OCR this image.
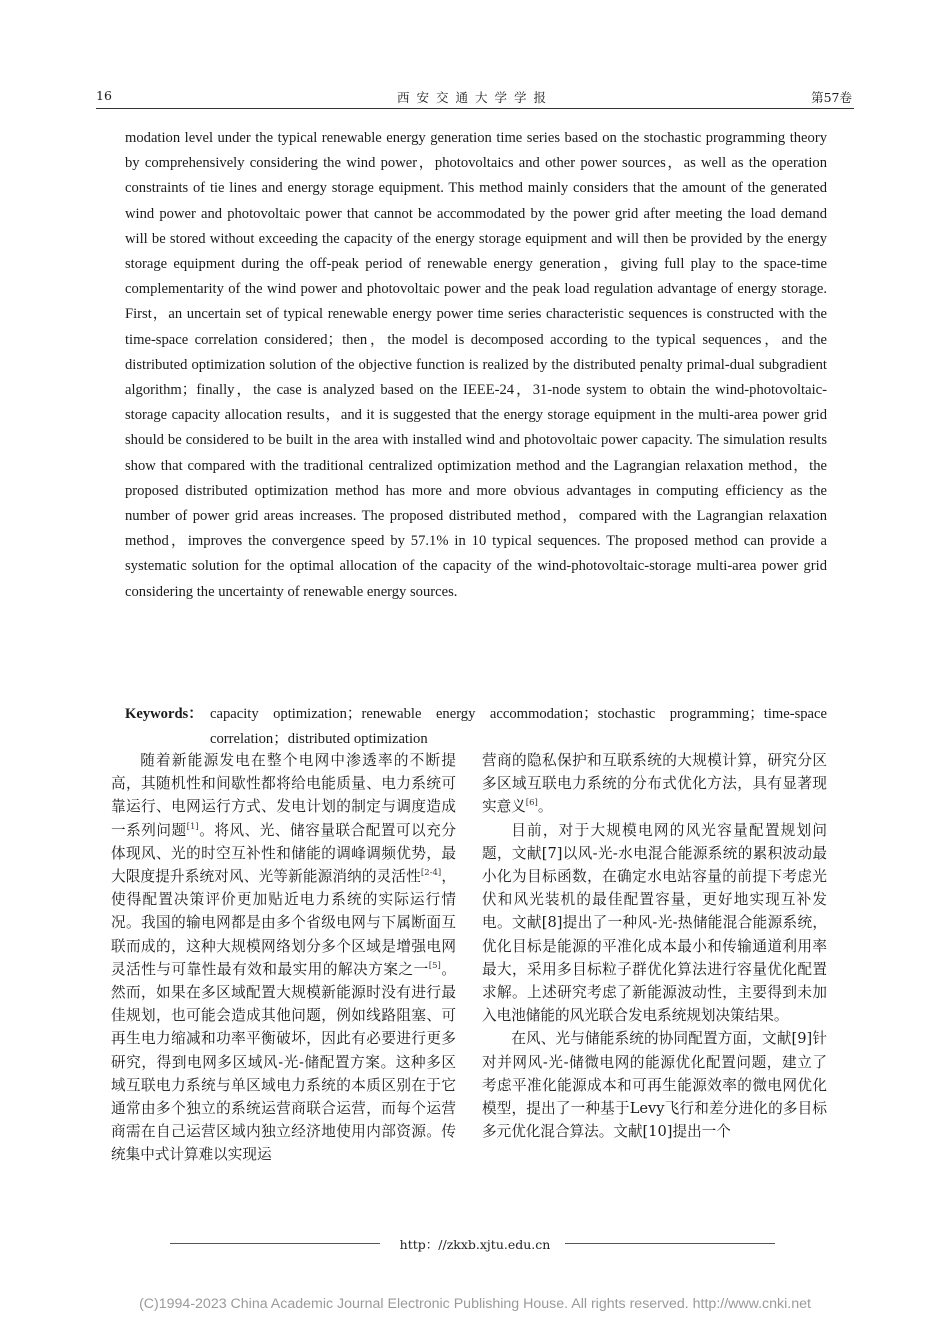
16	西安交通大学学报	第57卷

modation level under the typical renewable energy generation time series based on the stochastic programming theory by comprehensively considering the wind power，photovoltaics and other power sources，as well as the operation constraints of tie lines and energy storage equipment. This method mainly considers that the amount of the generated wind power and photovoltaic power that cannot be accommodated by the power grid after meeting the load demand will be stored without exceeding the capacity of the energy storage equipment and will then be provided by the energy storage equipment during the off-peak period of renewable energy generation，giving full play to the space-time complementarity of the wind power and photovoltaic power and the peak load regulation advantage of energy storage. First，an uncertain set of typical renewable energy power time series characteristic sequences is constructed with the time-space correlation considered；then，the model is decomposed according to the typical sequences，and the distributed optimization solution of the objective function is realized by the distributed penalty primal-dual subgradient algorithm；finally，the case is analyzed based on the IEEE-24，31-node system to obtain the wind-photovoltaic-storage capacity allocation results，and it is suggested that the energy storage equipment in the multi-area power grid should be considered to be built in the area with installed wind and photovoltaic power capacity. The simulation results show that compared with the traditional centralized optimization method and the Lagrangian relaxation method，the proposed distributed optimization method has more and more obvious advantages in computing efficiency as the number of power grid areas increases. The proposed distributed method，compared with the Lagrangian relaxation method，improves the convergence speed by 57.1% in 10 typical sequences. The proposed method can provide a systematic solution for the optimal allocation of the capacity of the wind-photovoltaic-storage multi-area power grid considering the uncertainty of renewable energy sources.

Keywords： capacity optimization；renewable energy accommodation；stochastic programming；time-space correlation；distributed optimization

随着新能源发电在整个电网中渗透率的不断提高，其随机性和间歇性都将给电能质量、电力系统可靠运行、电网运行方式、发电计划的制定与调度造成一系列问题[1]。将风、光、储容量联合配置可以充分体现风、光的时空互补性和储能的调峰调频优势，最大限度提升系统对风、光等新能源消纳的灵活性[2-4]，使得配置决策评价更加贴近电力系统的实际运行情况。我国的输电网都是由多个省级电网与下属断面互联而成的，这种大规模网络划分多个区域是增强电网灵活性与可靠性最有效和最实用的解决方案之一[5]。然而，如果在多区域配置大规模新能源时没有进行最佳规划，也可能会造成其他问题，例如线路阻塞、可再生电力缩减和功率平衡破坏，因此有必要进行更多研究，得到电网多区域风-光-储配置方案。这种多区域互联电力系统与单区域电力系统的本质区别在于它通常由多个独立的系统运营商联合运营，而每个运营商需在自己运营区域内独立经济地使用内部资源。传统集中式计算难以实现运

营商的隐私保护和互联系统的大规模计算，研究分区多区域互联电力系统的分布式优化方法，具有显著现实意义[6]。

目前，对于大规模电网的风光容量配置规划问题，文献[7]以风-光-水电混合能源系统的累积波动最小化为目标函数，在确定水电站容量的前提下考虑光伏和风光装机的最佳配置容量，更好地实现互补发电。文献[8]提出了一种风-光-热储能混合能源系统，优化目标是能源的平准化成本最小和传输通道利用率最大，采用多目标粒子群优化算法进行容量优化配置求解。上述研究考虑了新能源波动性，主要得到未加入电池储能的风光联合发电系统规划决策结果。

在风、光与储能系统的协同配置方面，文献[9]针对并网风-光-储微电网的能源优化配置问题，建立了考虑平准化能源成本和可再生能源效率的微电网优化模型，提出了一种基于Levy飞行和差分进化的多目标多元优化混合算法。文献[10]提出一个

http：//zkxb.xjtu.edu.cn
(C)1994-2023 China Academic Journal Electronic Publishing House. All rights reserved. http://www.cnki.net
